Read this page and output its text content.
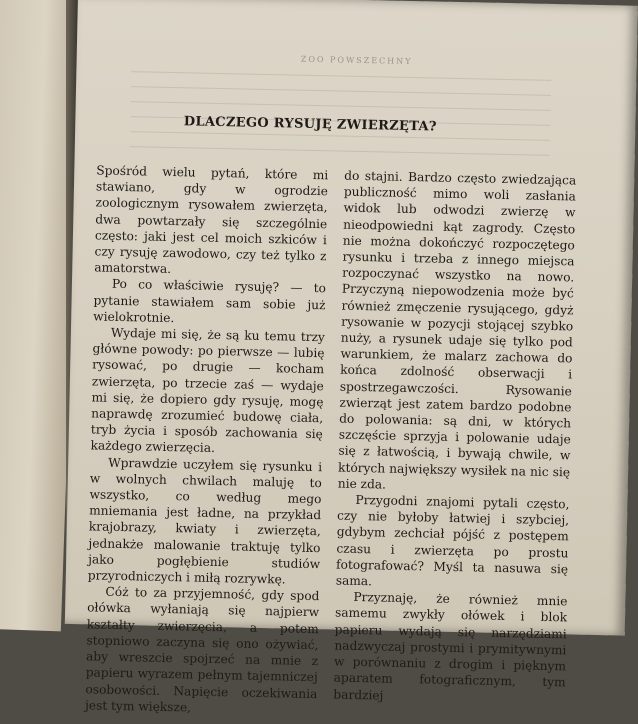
ZOO POWSZECHNY
DLACZEGO RYSUJĘ ZWIERZĘTA?

Spośród wielu pytań, które mi stawiano, gdy w ogrodzie zoologicznym rysowałem zwierzęta, dwa powtarzały się szczególnie często: jaki jest cel moich szkiców i czy rysuję zawodowo, czy też tylko z amatorstwa.

Po co właściwie rysuję? — to pytanie stawiałem sam sobie już wielokrotnie.

Wydaje mi się, że są ku temu trzy główne powody: po pierwsze — lubię rysować, po drugie — kocham zwierzęta, po trzecie zaś — wydaje mi się, że dopiero gdy rysuję, mogę naprawdę zrozumieć budowę ciała, tryb życia i sposób zachowania się każdego zwierzęcia.

Wprawdzie uczyłem się rysunku i w wolnych chwilach maluję to wszystko, co według mego mniemania jest ładne, na przykład krajobrazy, kwiaty i zwierzęta, jednakże malowanie traktuję tylko jako pogłębienie studiów przyrodniczych i miłą rozrywkę.

Cóż to za przyjemność, gdy spod ołówka wyłaniają się najpierw kształty zwierzęcia, a potem stopniowo zaczyna się ono ożywiać, aby wreszcie spojrzeć na mnie z papieru wyrazem pełnym tajemniczej osobowości. Napięcie oczekiwania jest tym większe,

do stajni. Bardzo często zwiedzająca publiczność mimo woli zasłania widok lub odwodzi zwierzę w nieodpowiedni kąt zagrody. Często nie można dokończyć rozpoczętego rysunku i trzeba z innego miejsca rozpoczynać wszystko na nowo. Przyczyną niepowodzenia może być również zmęczenie rysującego, gdyż rysowanie w pozycji stojącej szybko nuży, a rysunek udaje się tylko pod warunkiem, że malarz zachowa do końca zdolność obserwacji i spostrzegawczości. Rysowanie zwierząt jest zatem bardzo podobne do polowania: są dni, w których szczęście sprzyja i polowanie udaje się z łatwością, i bywają chwile, w których największy wysiłek na nic się nie zda.

Przygodni znajomi pytali często, czy nie byłoby łatwiej i szybciej, gdybym zechciał pójść z postępem czasu i zwierzęta po prostu fotografować? Myśl ta nasuwa się sama.

Przyznaję, że również mnie samemu zwykły ołówek i blok papieru wydają się narzędziami nadzwyczaj prostymi i prymitywnymi w porównaniu z drogim i pięknym aparatem fotograficznym, tym bardziej
